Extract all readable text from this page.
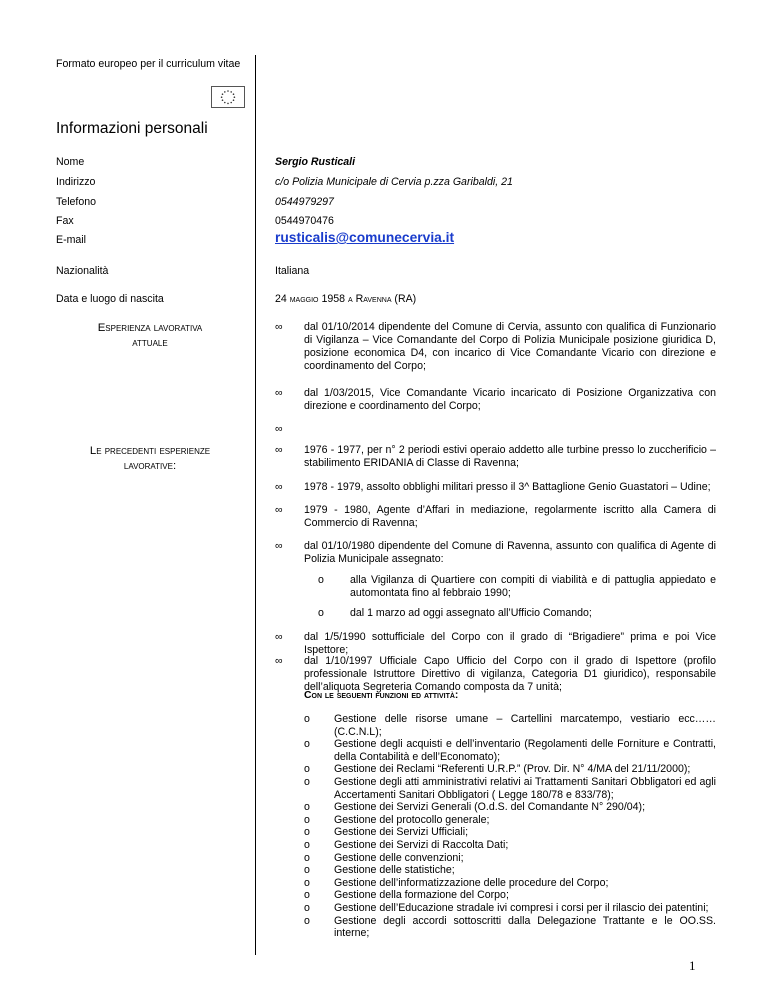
Formato europeo per il curriculum vitae
Informazioni personali
Nome	Sergio Rusticali
Indirizzo	c/o Polizia Municipale di Cervia p.zza Garibaldi, 21
Telefono	0544979297
Fax	0544970476
E-mail	rusticalis@comunecervia.it
Nazionalità	Italiana
Data e luogo di nascita	24 maggio 1958 a Ravenna (RA)
Esperienza lavorativa
attuale
∞ dal 01/10/2014 dipendente del Comune di Cervia, assunto con qualifica di Funzionario di Vigilanza – Vice Comandante del Corpo di Polizia Municipale posizione giuridica D, posizione economica D4, con incarico di Vice Comandante Vicario con direzione e coordinamento del Corpo;
∞ dal 1/03/2015, Vice Comandante Vicario incaricato di Posizione Organizzativa con direzione e coordinamento del Corpo;
∞
Le precedenti esperienze
lavorative:
∞ 1976 - 1977, per n° 2 periodi estivi operaio addetto alle turbine presso lo zuccherificio – stabilimento ERIDANIA di Classe di Ravenna;
∞ 1978 - 1979, assolto obblighi militari presso il 3^ Battaglione Genio Guastatori – Udine;
∞ 1979 - 1980, Agente d’Affari in mediazione, regolarmente iscritto alla Camera di Commercio di Ravenna;
∞ dal 01/10/1980 dipendente del Comune di Ravenna, assunto con qualifica di Agente di Polizia Municipale assegnato:
o alla Vigilanza di Quartiere con compiti di viabilità e di pattuglia appiedato e automontata fino al febbraio 1990;
o dal 1 marzo ad oggi assegnato all’Ufficio Comando;
∞ dal 1/5/1990 sottufficiale del Corpo con il grado di “Brigadiere” prima e poi Vice Ispettore;
∞ dal 1/10/1997 Ufficiale Capo Ufficio del Corpo con il grado di Ispettore (profilo professionale Istruttore Direttivo di vigilanza, Categoria D1 giuridico), responsabile dell’aliquota Segreteria Comando composta da 7 unità;
Con le seguenti funzioni ed attività:
o	Gestione delle risorse umane – Cartellini marcatempo, vestiario ecc…… (C.C.N.L);
o	Gestione degli acquisti e dell’inventario (Regolamenti delle Forniture e Contratti, della Contabilità e dell’Economato);
o	Gestione dei Reclami “Referenti U.R.P.” (Prov. Dir. N° 4/MA del 21/11/2000);
o	Gestione degli atti amministrativi relativi ai Trattamenti Sanitari Obbligatori ed agli Accertamenti Sanitari Obbligatori ( Legge 180/78 e 833/78);
o	Gestione dei Servizi Generali (O.d.S. del Comandante N° 290/04);
o	Gestione del protocollo generale;
o	Gestione dei Servizi Ufficiali;
o	Gestione dei Servizi di Raccolta Dati;
o	Gestione delle convenzioni;
o	Gestione delle statistiche;
o	Gestione dell’informatizzazione delle procedure del Corpo;
o	Gestione della formazione del Corpo;
o	Gestione dell’Educazione stradale ivi compresi i corsi per il rilascio dei patentini;
o	Gestione degli accordi sottoscritti dalla Delegazione Trattante e le OO.SS. interne;
1
